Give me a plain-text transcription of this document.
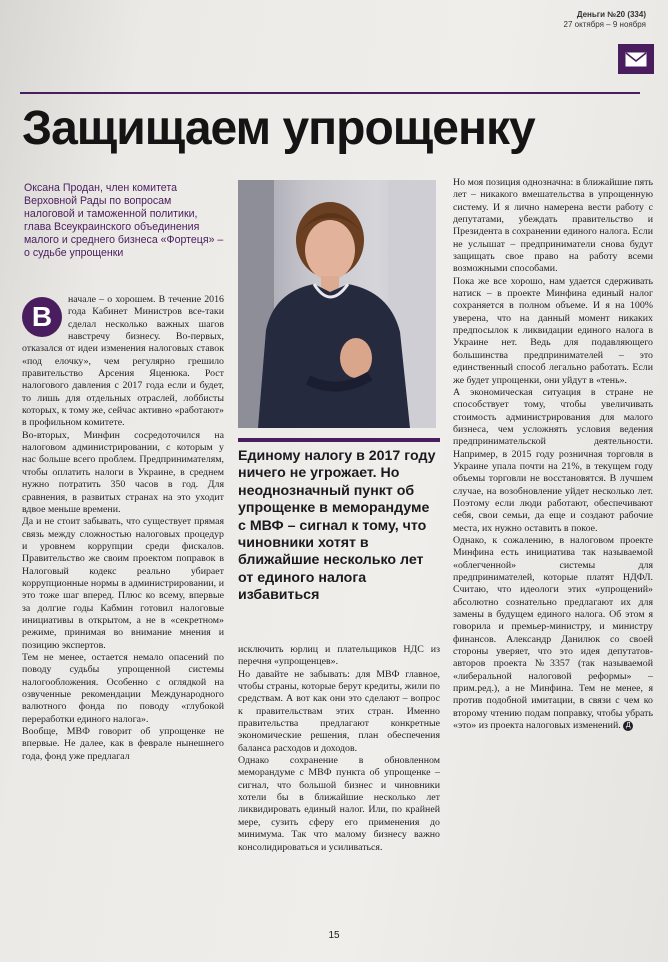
Деньги №20 (334)
27 октября – 9 ноября
Защищаем упрощенку
Оксана Продан, член комитета Верховной Рады по вопросам налоговой и таможенной политики, глава Всеукраинского объединения малого и среднего бизнеса «Фортеця» – о судьбе упрощенки
В

начале – о хорошем. В течение 2016 года Кабинет Министров все-таки сделал несколько важных шагов навстречу бизнесу. Во-первых, отказался от идеи изменения налоговых ставок «под елочку», чем регулярно грешило правительство Арсения Яценюка. Рост налогового давления с 2017 года если и будет, то лишь для отдельных отраслей, лоббисты которых, к тому же, сейчас активно «работают» в профильном комитете.

Во-вторых, Минфин сосредоточился на налоговом администрировании, с которым у нас больше всего проблем. Предпринимателям, чтобы оплатить налоги в Украине, в среднем нужно потратить 350 часов в год. Для сравнения, в развитых странах на это уходит вдвое меньше времени.

Да и не стоит забывать, что существует прямая связь между сложностью налоговых процедур и уровнем коррупции среди фискалов. Правительство же своим проектом поправок в Налоговый кодекс реально убирает коррупционные нормы в администрировании, и это тоже шаг вперед. Плюс ко всему, впервые за долгие годы Кабмин готовил налоговые инициативы в открытом, а не в «секретном» режиме, принимая во внимание мнения и позицию экспертов.

Тем не менее, остается немало опасений по поводу судьбы упрощенной системы налогообложения. Особенно с оглядкой на озвученные рекомендации Международного валютного фонда по поводу «глубокой переработки единого налога».

Вообще, МВФ говорит об упрощенке не впервые. Не далее, как в феврале нынешнего года, фонд уже предлагал

Единому налогу в 2017 году ничего не угрожает. Но неоднозначный пункт об упрощенке в меморандуме с МВФ – сигнал к тому, что чиновники хотят в ближайшие несколько лет от единого налога избавиться

исключить юрлиц и плательщиков НДС из перечня «упрощенцев».

Но давайте не забывать: для МВФ главное, чтобы страны, которые берут кредиты, жили по средствам. А вот как они это сделают – вопрос к правительствам этих стран. Именно правительства предлагают конкретные экономические решения, план обеспечения баланса расходов и доходов.

Однако сохранение в обновленном меморандуме с МВФ пункта об упрощенке – сигнал, что большой бизнес и чиновники хотели бы в ближайшие несколько лет ликвидировать единый налог. Или, по крайней мере, сузить сферу его применения до минимума. Так что малому бизнесу важно консолидироваться и усиливаться.

Но моя позиция однозначна: в ближайшие пять лет – никакого вмешательства в упрощенную систему. И я лично намерена вести работу с депутатами, убеждать правительство и Президента в сохранении единого налога. Если не услышат – предприниматели снова будут защищать свое право на работу всеми возможными способами.

Пока же все хорошо, нам удается сдерживать натиск – в проекте Минфина единый налог сохраняется в полном объеме. И я на 100% уверена, что на данный момент никаких предпосылок к ликвидации единого налога в Украине нет. Ведь для подавляющего большинства предпринимателей – это единственный способ легально работать. Если же будет упрощенки, они уйдут в «тень».

А экономическая ситуация в стране не способствует тому, чтобы увеличивать стоимость администрирования для малого бизнеса, чем усложнять условия ведения предпринимательской деятельности. Например, в 2015 году розничная торговля в Украине упала почти на 21%, в текущем году объемы торговли не восстановятся. В лучшем случае, на возобновление уйдет несколько лет. Поэтому если люди работают, обеспечивают себя, свои семьи, да еще и создают рабочие места, их нужно оставить в покое.

Однако, к сожалению, в налоговом проекте Минфина есть инициатива так называемой «облегченной» системы для предпринимателей, которые платят НДФЛ. Считаю, что идеологи этих «упрощений» абсолютно сознательно предлагают их для замены в будущем единого налога. Об этом я говорила и премьер-министру, и министру финансов. Александр Данилюк со своей стороны уверяет, что это идея депутатов-авторов проекта №3357 (так называемой «либеральной налоговой реформы» – прим.ред.), а не Минфина. Тем не менее, я против подобной имитации, в связи с чем ко второму чтению подам поправку, чтобы убрать «это» из проекта налоговых изменений. Д

15
